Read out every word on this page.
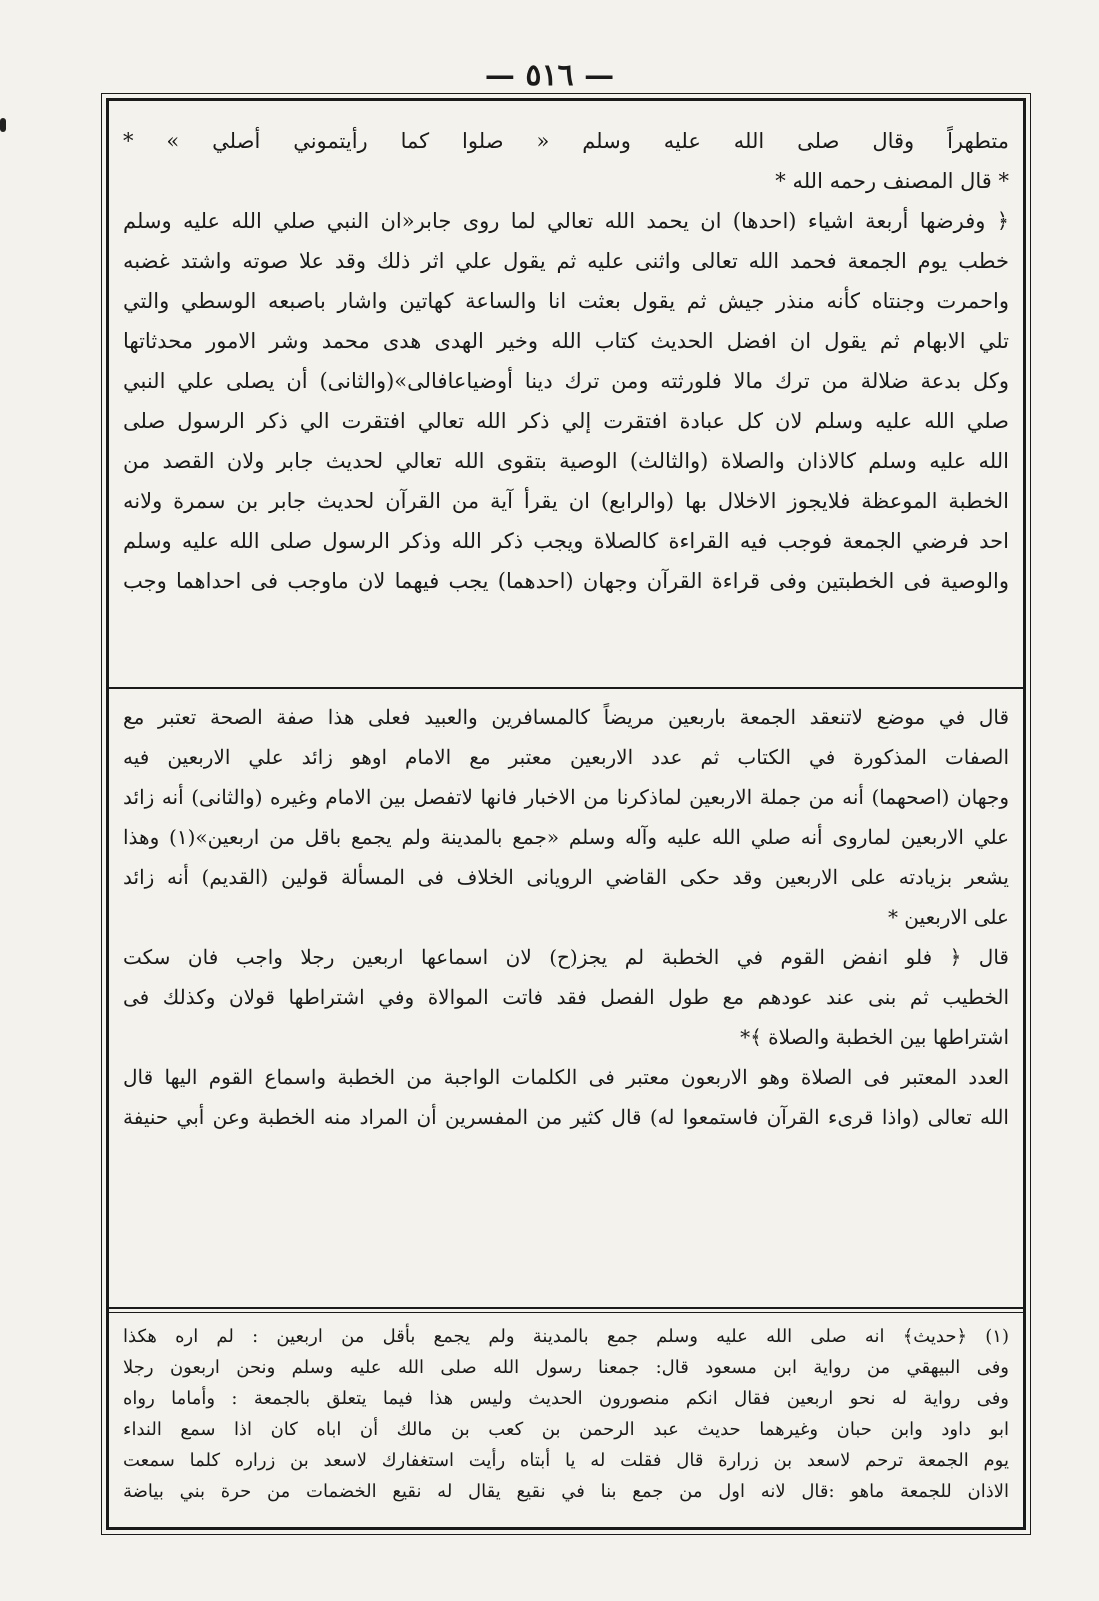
— ٥١٦ —
متطهراً وقال صلى الله عليه وسلم « صلوا كما رأيتموني أصلي » *
* قال المصنف رحمه الله *
﴿ وفرضها أربعة اشياء (احدها) ان يحمد الله تعالي لما روى جابر«ان النبي صلي الله عليه وسلم
خطب يوم الجمعة فحمد الله تعالى واثنى عليه ثم يقول علي اثر ذلك وقد علا صوته واشتد غضبه
واحمرت وجنتاه كأنه منذر جيش ثم يقول بعثت انا والساعة كهاتين واشار باصبعه الوسطي والتي
تلي الابهام ثم يقول ان افضل الحديث كتاب الله وخير الهدى هدى محمد وشر الامور محدثاتها
وكل بدعة ضلالة من ترك مالا فلورثته ومن ترك دينا أوضياعافالى»(والثانى) أن يصلى علي النبي
صلي الله عليه وسلم لان كل عبادة افتقرت إلي ذكر الله تعالي افتقرت الي ذكر الرسول صلى
الله عليه وسلم كالاذان والصلاة (والثالث) الوصية بتقوى الله تعالي لحديث جابر ولان القصد من
الخطبة الموعظة فلايجوز الاخلال بها (والرابع) ان يقرأ آية من القرآن لحديث جابر بن سمرة ولانه
احد فرضي الجمعة فوجب فيه القراءة كالصلاة ويجب ذكر الله وذكر الرسول صلى الله عليه وسلم
والوصية فى الخطبتين وفى قراءة القرآن وجهان (احدهما) يجب فيهما لان ماوجب فى احداهما وجب
قال في موضع لاتنعقد الجمعة باربعين مريضاً كالمسافرين والعبيد فعلى هذا صفة الصحة تعتبر مع
الصفات المذكورة في الكتاب ثم عدد الاربعين معتبر مع الامام اوهو زائد علي الاربعين فيه
وجهان (اصحهما) أنه من جملة الاربعين لماذكرنا من الاخبار فانها لاتفصل بين الامام وغيره (والثانى) أنه زائد
علي الاربعين لماروى أنه صلي الله عليه وآله وسلم «جمع بالمدينة ولم يجمع باقل من اربعين»(١) وهذا
يشعر بزيادته على الاربعين وقد حكى القاضي الرويانى الخلاف فى المسألة قولين (القديم) أنه زائد
على الاربعين *
قال ﴿ فلو انفض القوم في الخطبة لم يجز(ح) لان اسماعها اربعين رجلا واجب فان سكت
الخطيب ثم بنى عند عودهم مع طول الفصل فقد فاتت الموالاة وفي اشتراطها قولان وكذلك فى
اشتراطها بين الخطبة والصلاة ﴾*
العدد المعتبر فى الصلاة وهو الاربعون معتبر فى الكلمات الواجبة من الخطبة واسماع القوم اليها قال
الله تعالى (واذا قرىء القرآن فاستمعوا له) قال كثير من المفسرين أن المراد منه الخطبة وعن أبي حنيفة
(١) ﴿حديث﴾ انه صلى الله عليه وسلم جمع بالمدينة ولم يجمع بأقل من اربعين : لم اره هكذا
وفى البيهقي من رواية ابن مسعود قال: جمعنا رسول الله صلى الله عليه وسلم ونحن اربعون رجلا
وفى رواية له نحو اربعين فقال انكم منصورون الحديث وليس هذا فيما يتعلق بالجمعة : وأماما رواه
ابو داود وابن حبان وغيرهما حديث عبد الرحمن بن كعب بن مالك أن اباه كان اذا سمع النداء
يوم الجمعة ترحم لاسعد بن زرارة قال فقلت له يا أبتاه رأيت استغفارك لاسعد بن زراره كلما سمعت
الاذان للجمعة ماهو :قال لانه اول من جمع بنا في نقيع يقال له نقيع الخضمات من حرة بني بياضة
